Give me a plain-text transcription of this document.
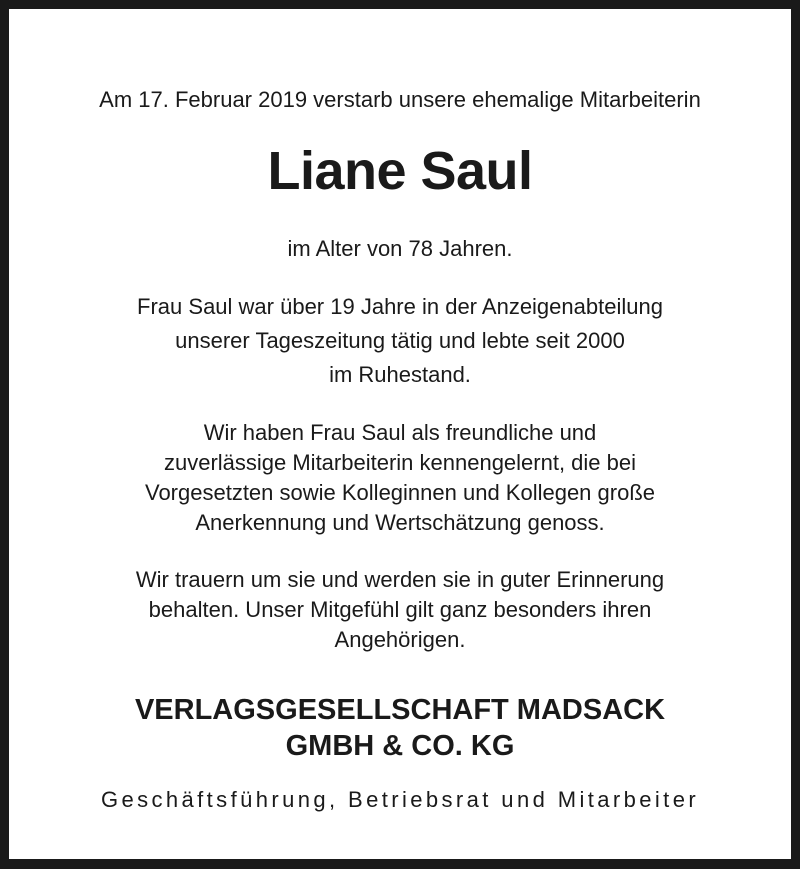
Am 17. Februar 2019 verstarb unsere ehemalige Mitarbeiterin
Liane Saul
im Alter von 78 Jahren.
Frau Saul war über 19 Jahre in der Anzeigenabteilung
unserer Tageszeitung tätig und lebte seit 2000
im Ruhestand.
Wir haben Frau Saul als freundliche und
zuverlässige Mitarbeiterin kennengelernt, die bei
Vorgesetzten sowie Kolleginnen und Kollegen große
Anerkennung und Wertschätzung genoss.
Wir trauern um sie und werden sie in guter Erinnerung
behalten. Unser Mitgefühl gilt ganz besonders ihren
Angehörigen.
VERLAGSGESELLSCHAFT MADSACK
GMBH & CO. KG
Geschäftsführung, Betriebsrat und Mitarbeiter
